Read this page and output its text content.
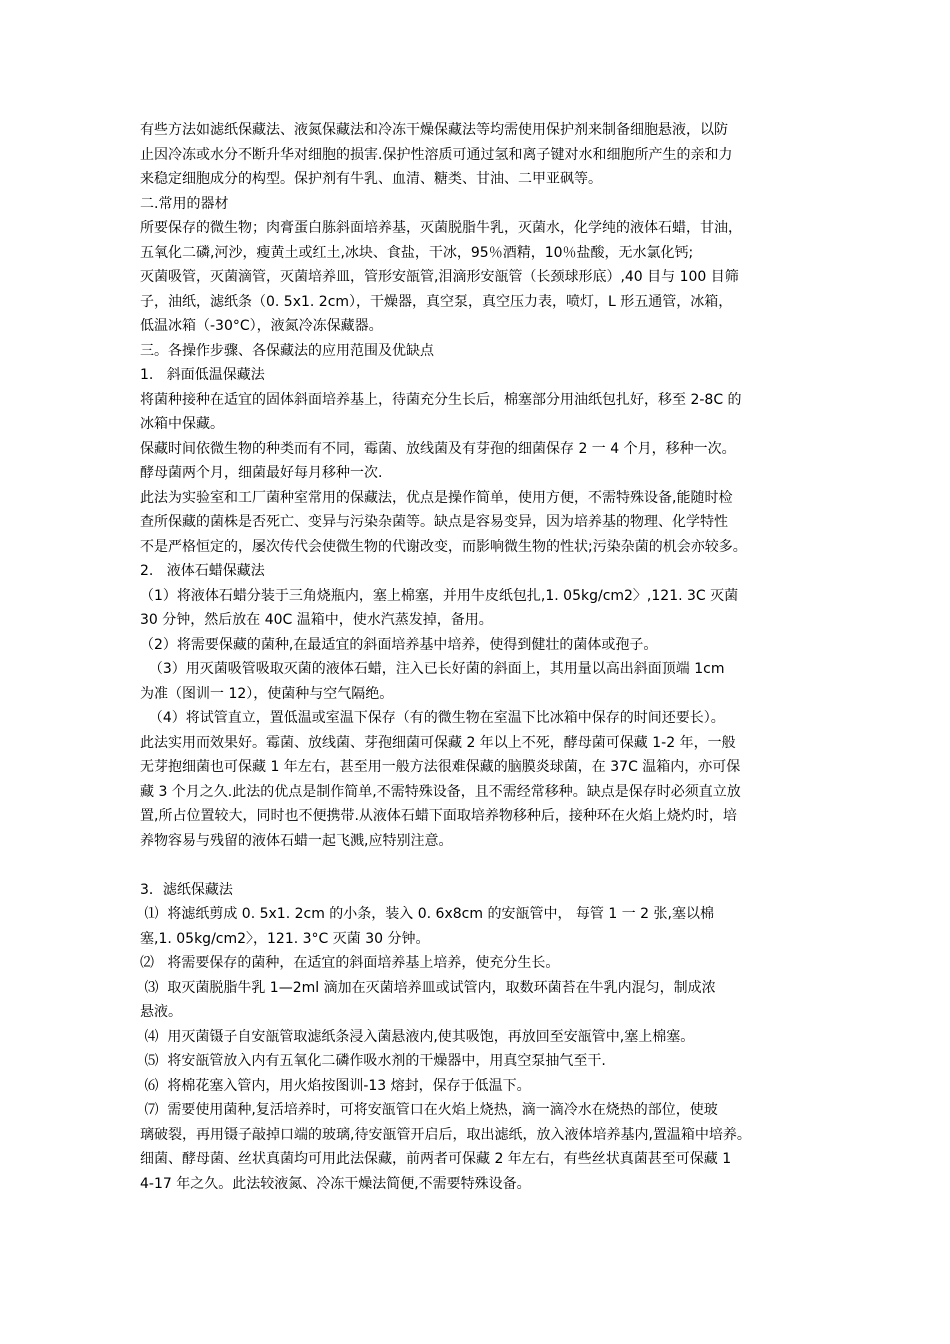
有些方法如滤纸保藏法、液氮保藏法和冷冻干燥保藏法等均需使用保护剂来制备细胞悬液，以防
止因冷冻或水分不断升华对细胞的损害.保护性溶质可通过氢和离子键对水和细胞所产生的亲和力
来稳定细胞成分的构型。保护剂有牛乳、血清、糖类、甘油、二甲亚砜等。
二.常用的器材
所要保存的微生物；肉膏蛋白胨斜面培养基，灭菌脱脂牛乳，灭菌水，化学纯的液体石蜡，甘油，
五氧化二磷,河沙，瘦黄土或红土,冰块、食盐，干冰，95％酒精，10％盐酸，无水氯化钙;
灭菌吸管，灭菌滴管，灭菌培养皿，管形安瓿管,泪滴形安瓿管（长颈球形底）,40 目与 100 目筛
子，油纸，滤纸条（0. 5x1. 2cm），干燥器，真空泵，真空压力表，喷灯，L 形五通管，冰箱，
低温冰箱（-30°C），液氮冷冻保藏器。
三。各操作步骤、各保藏法的应用范围及优缺点
1.   斜面低温保藏法
将菌种接种在适宜的固体斜面培养基上，待菌充分生长后，棉塞部分用油纸包扎好，移至 2-8C 的
冰箱中保藏。
保藏时间依微生物的种类而有不同，霉菌、放线菌及有芽孢的细菌保存 2 一 4 个月，移种一次。
酵母菌两个月，细菌最好每月移种一次.
此法为实验室和工厂菌种室常用的保藏法，优点是操作简单，使用方便，不需特殊设备,能随时检
查所保藏的菌株是否死亡、变异与污染杂菌等。缺点是容易变异，因为培养基的物理、化学特性
不是严格恒定的，屡次传代会使微生物的代谢改变，而影响微生物的性状;污染杂菌的机会亦较多。
2.   液体石蜡保藏法
（1）将液体石蜡分装于三角烧瓶内，塞上棉塞，并用牛皮纸包扎,1. 05kg/cm2〉,121. 3C 灭菌
30 分钟，然后放在 40C 温箱中，使水汽蒸发掉，备用。
（2）将需要保藏的菌种,在最适宜的斜面培养基中培养，使得到健壮的菌体或孢子。
（3）用灭菌吸管吸取灭菌的液体石蜡，注入已长好菌的斜面上，其用量以高出斜面顶端 1cm
为准（图训一 12），使菌种与空气隔绝。
（4）将试管直立，置低温或室温下保存（有的微生物在室温下比冰箱中保存的时间还要长）。
此法实用而效果好。霉菌、放线菌、芽孢细菌可保藏 2 年以上不死，酵母菌可保藏 1-2 年，一般
无芽抱细菌也可保藏 1 年左右，甚至用一般方法很难保藏的脑膜炎球菌，在 37C 温箱内，亦可保
藏 3 个月之久.此法的优点是制作简单,不需特殊设备，且不需经常移种。缺点是保存时必须直立放
置,所占位置较大，同时也不便携带.从液体石蜡下面取培养物移种后，接种环在火焰上烧灼时，培
养物容易与残留的液体石蜡一起飞溅,应特别注意。
3．滤纸保藏法
⑴  将滤纸剪成 0. 5x1. 2cm 的小条，装入 0. 6x8cm 的安瓿管中， 每管 1 一 2 张,塞以棉
塞,1. 05kg/cm2〉，121. 3°C 灭菌 30 分钟。
⑵   将需要保存的菌种，在适宜的斜面培养基上培养，使充分生长。
⑶  取灭菌脱脂牛乳 1—2ml 滴加在灭菌培养皿或试管内，取数环菌苔在牛乳内混匀，制成浓
悬液。
⑷  用灭菌镊子自安瓿管取滤纸条浸入菌悬液内,使其吸饱，再放回至安瓿管中,塞上棉塞。
⑸  将安瓿管放入内有五氧化二磷作吸水剂的干燥器中，用真空泵抽气至干.
⑹  将棉花塞入管内，用火焰按图训-13 熔封，保存于低温下。
⑺  需要使用菌种,复活培养时，可将安瓿管口在火焰上烧热，滴一滴冷水在烧热的部位，使玻
璃破裂，再用镊子敲掉口端的玻璃,待安瓿管开启后，取出滤纸，放入液体培养基内,置温箱中培养。
细菌、酵母菌、丝状真菌均可用此法保藏，前两者可保藏 2 年左右，有些丝状真菌甚至可保藏 1
4-17 年之久。此法较液氮、冷冻干燥法简便,不需要特殊设备。
